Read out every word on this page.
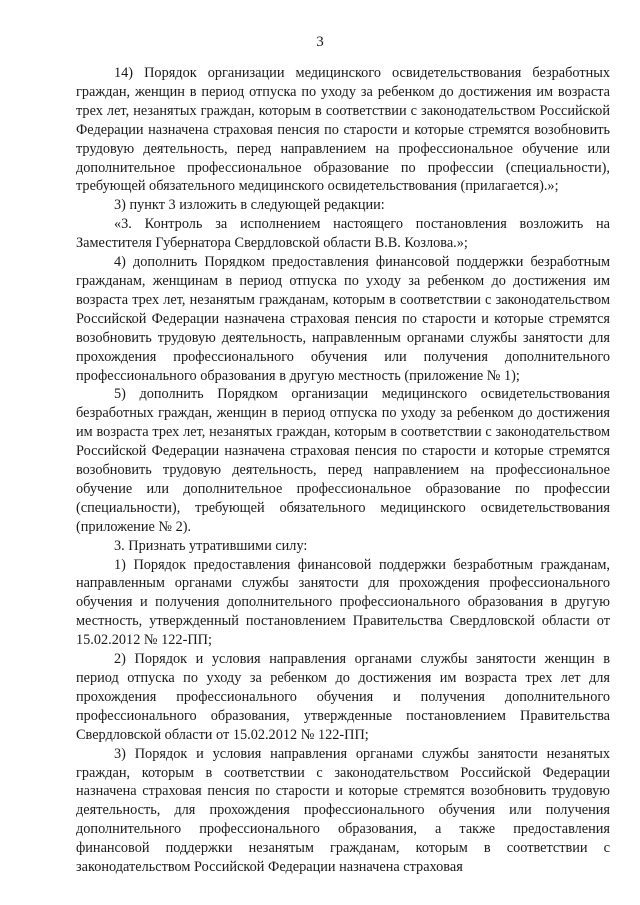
3

14) Порядок организации медицинского освидетельствования безработных граждан, женщин в период отпуска по уходу за ребенком до достижения им возраста трех лет, незанятых граждан, которым в соответствии с законодательством Российской Федерации назначена страховая пенсия по старости и которые стремятся возобновить трудовую деятельность, перед направлением на профессиональное обучение или дополнительное профессиональное образование по профессии (специальности), требующей обязательного медицинского освидетельствования (прилагается).»;

3) пункт 3 изложить в следующей редакции:

«3. Контроль за исполнением настоящего постановления возложить на Заместителя Губернатора Свердловской области В.В. Козлова.»;

4) дополнить Порядком предоставления финансовой поддержки безработным гражданам, женщинам в период отпуска по уходу за ребенком до достижения им возраста трех лет, незанятым гражданам, которым в соответствии с законодательством Российской Федерации назначена страховая пенсия по старости и которые стремятся возобновить трудовую деятельность, направленным органами службы занятости для прохождения профессионального обучения или получения дополнительного профессионального образования в другую местность (приложение № 1);

5) дополнить Порядком организации медицинского освидетельствования безработных граждан, женщин в период отпуска по уходу за ребенком до достижения им возраста трех лет, незанятых граждан, которым в соответствии с законодательством Российской Федерации назначена страховая пенсия по старости и которые стремятся возобновить трудовую деятельность, перед направлением на профессиональное обучение или дополнительное профессиональное образование по профессии (специальности), требующей обязательного медицинского освидетельствования (приложение № 2).

3. Признать утратившими силу:

1) Порядок предоставления финансовой поддержки безработным гражданам, направленным органами службы занятости для прохождения профессионального обучения и получения дополнительного профессионального образования в другую местность, утвержденный постановлением Правительства Свердловской области от 15.02.2012 № 122-ПП;

2) Порядок и условия направления органами службы занятости женщин в период отпуска по уходу за ребенком до достижения им возраста трех лет для прохождения профессионального обучения и получения дополнительного профессионального образования, утвержденные постановлением Правительства Свердловской области от 15.02.2012 № 122-ПП;

3) Порядок и условия направления органами службы занятости незанятых граждан, которым в соответствии с законодательством Российской Федерации назначена страховая пенсия по старости и которые стремятся возобновить трудовую деятельность, для прохождения профессионального обучения или получения дополнительного профессионального образования, а также предоставления финансовой поддержки незанятым гражданам, которым в соответствии с законодательством Российской Федерации назначена страховая
